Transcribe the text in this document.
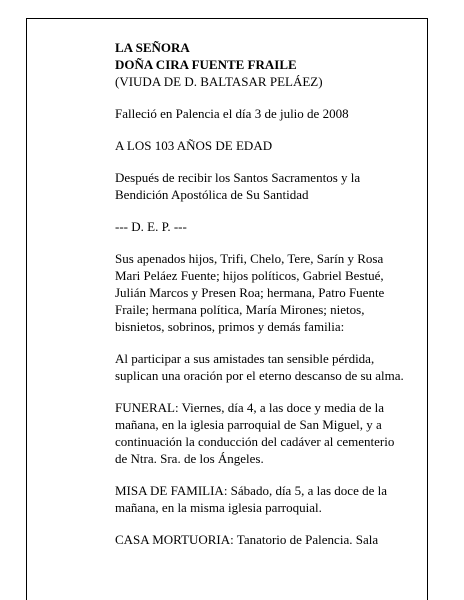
LA SEÑORA
DOÑA CIRA FUENTE FRAILE
(VIUDA DE D. BALTASAR PELÁEZ)
Falleció en Palencia el día 3 de julio de 2008
A LOS 103 AÑOS DE EDAD
Después de recibir los Santos Sacramentos y la
Bendición Apostólica de Su Santidad
--- D. E. P. ---
Sus apenados hijos, Trifi, Chelo, Tere, Sarín y Rosa
Mari Peláez Fuente; hijos políticos, Gabriel Bestué,
Julián Marcos y Presen Roa; hermana, Patro Fuente
Fraile; hermana política, María Mirones; nietos,
bisnietos, sobrinos, primos y demás familia:
Al participar a sus amistades tan sensible pérdida,
suplican una oración por el eterno descanso de su alma.
FUNERAL: Viernes, día 4, a las doce y media de la
mañana, en la iglesia parroquial de San Miguel, y a
continuación la conducción del cadáver al cementerio
de Ntra. Sra. de los Ángeles.
MISA DE FAMILIA: Sábado, día 5, a las doce de la
mañana, en la misma iglesia parroquial.
CASA MORTUORIA: Tanatorio de Palencia. Sala
